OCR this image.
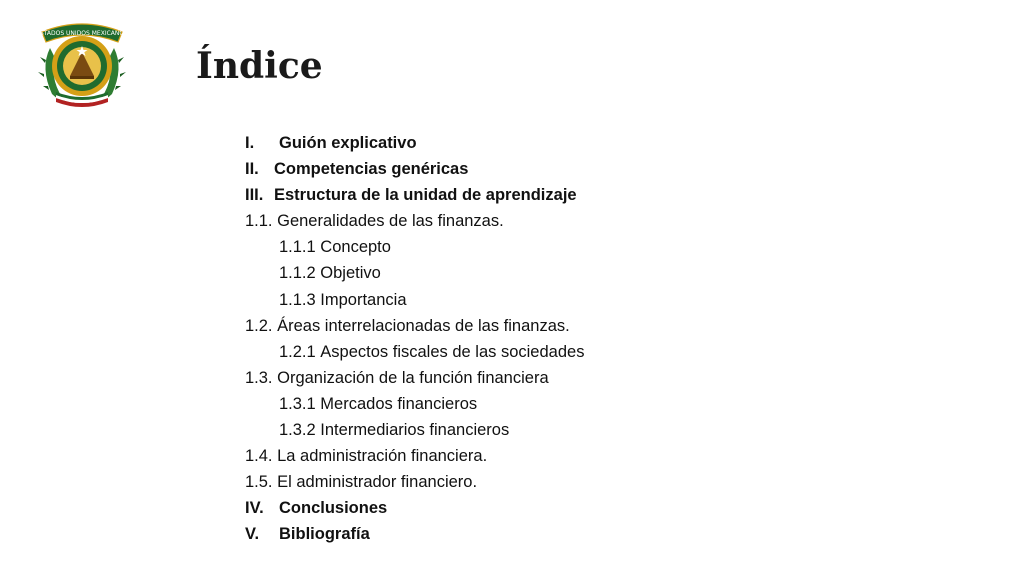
ESTADOS UNIDOS MEXICANOS
Índice
I.	Guión explicativo
II. Competencias genéricas
III. Estructura de la unidad de aprendizaje
1.1.
Generalidades de las finanzas.
1.1.1
Concepto
1.1.2
Objetivo
1.1.3
Importancia
1.2.
Áreas interrelacionadas de las finanzas.
1.2.1
Aspectos fiscales de las sociedades
1.3.
Organización de la función financiera
1.3.1
Mercados financieros
1.3.2
Intermediarios financieros
1.4.
La administración financiera.
1.5.
El administrador financiero.
IV. Conclusiones
V.	Bibliografía
